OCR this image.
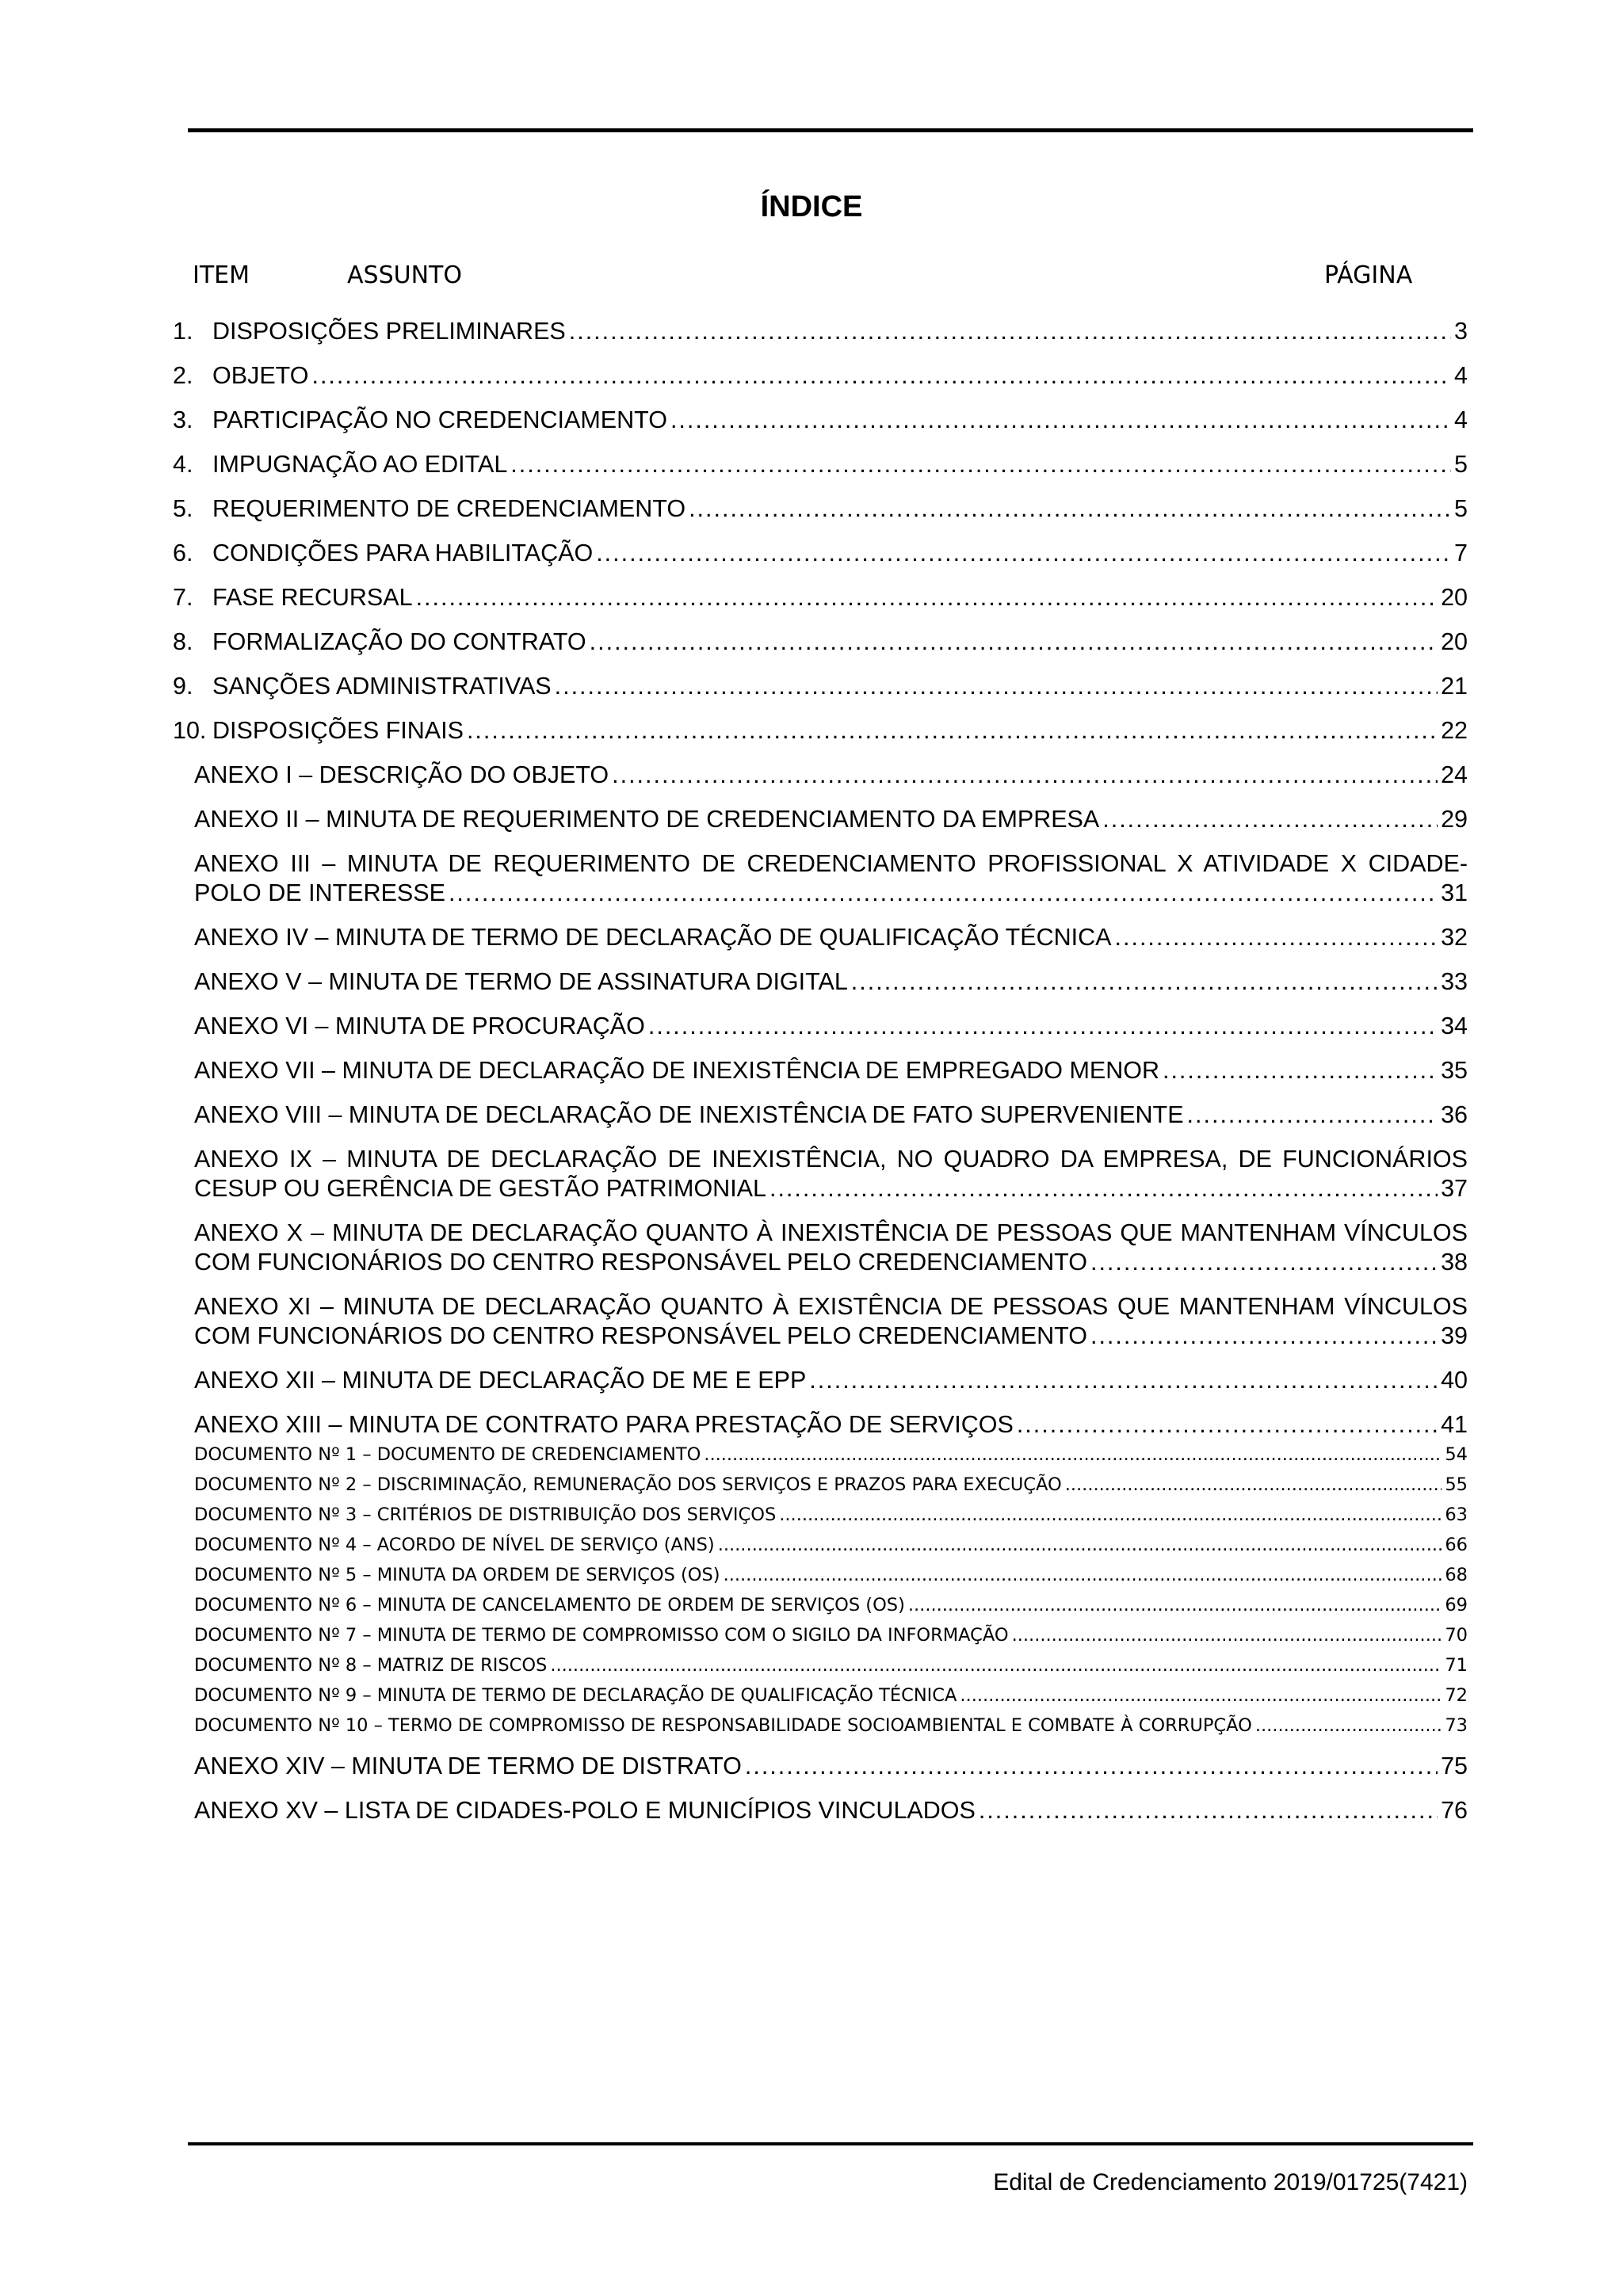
ÍNDICE
ITEM	ASSUNTO	PÁGINA
1. DISPOSIÇÕES PRELIMINARES .....	3
2. OBJETO .....	4
3. PARTICIPAÇÃO NO CREDENCIAMENTO .....	4
4. IMPUGNAÇÃO AO EDITAL .....	5
5. REQUERIMENTO DE CREDENCIAMENTO .....	5
6. CONDIÇÕES PARA HABILITAÇÃO .....	7
7. FASE RECURSAL .....	20
8. FORMALIZAÇÃO DO CONTRATO .....	20
9. SANÇÕES ADMINISTRATIVAS .....	21
10. DISPOSIÇÕES FINAIS .....	22
ANEXO I – DESCRIÇÃO DO OBJETO .....	24
ANEXO II – MINUTA DE REQUERIMENTO DE CREDENCIAMENTO DA EMPRESA .....	29
ANEXO III – MINUTA DE REQUERIMENTO DE CREDENCIAMENTO PROFISSIONAL X ATIVIDADE X CIDADE-
POLO DE INTERESSE .....	31
ANEXO IV – MINUTA DE TERMO DE DECLARAÇÃO DE QUALIFICAÇÃO TÉCNICA .....	32
ANEXO V – MINUTA DE TERMO DE ASSINATURA DIGITAL .....	33
ANEXO VI – MINUTA DE PROCURAÇÃO .....	34
ANEXO VII – MINUTA DE DECLARAÇÃO DE INEXISTÊNCIA DE EMPREGADO MENOR .....	35
ANEXO VIII – MINUTA DE DECLARAÇÃO DE INEXISTÊNCIA DE FATO SUPERVENIENTE .....	36
ANEXO IX – MINUTA DE DECLARAÇÃO DE INEXISTÊNCIA, NO QUADRO DA EMPRESA, DE FUNCIONÁRIOS
CESUP OU GERÊNCIA DE GESTÃO PATRIMONIAL .....	37
ANEXO X – MINUTA DE DECLARAÇÃO QUANTO À INEXISTÊNCIA DE PESSOAS QUE MANTENHAM VÍNCULOS
COM FUNCIONÁRIOS DO CENTRO RESPONSÁVEL PELO CREDENCIAMENTO .....	38
ANEXO XI – MINUTA DE DECLARAÇÃO QUANTO À EXISTÊNCIA DE PESSOAS QUE MANTENHAM VÍNCULOS
COM FUNCIONÁRIOS DO CENTRO RESPONSÁVEL PELO CREDENCIAMENTO .....	39
ANEXO XII – MINUTA DE DECLARAÇÃO DE ME E EPP .....	40
ANEXO XIII – MINUTA DE CONTRATO PARA PRESTAÇÃO DE SERVIÇOS .....	41
DOCUMENTO Nº 1 – DOCUMENTO DE CREDENCIAMENTO .....	54
DOCUMENTO Nº 2 – DISCRIMINAÇÃO, REMUNERAÇÃO DOS SERVIÇOS E PRAZOS PARA EXECUÇÃO .....	55
DOCUMENTO Nº 3 – CRITÉRIOS DE DISTRIBUIÇÃO DOS SERVIÇOS .....	63
DOCUMENTO Nº 4 – ACORDO DE NÍVEL DE SERVIÇO (ANS) .....	66
DOCUMENTO Nº 5 – MINUTA DA ORDEM DE SERVIÇOS (OS) .....	68
DOCUMENTO Nº 6 – MINUTA DE CANCELAMENTO DE ORDEM DE SERVIÇOS (OS) .....	69
DOCUMENTO Nº 7 – MINUTA DE TERMO DE COMPROMISSO COM O SIGILO DA INFORMAÇÃO .....	70
DOCUMENTO Nº 8 – MATRIZ DE RISCOS .....	71
DOCUMENTO Nº 9 – MINUTA DE TERMO DE DECLARAÇÃO DE QUALIFICAÇÃO TÉCNICA .....	72
DOCUMENTO Nº 10 – TERMO DE COMPROMISSO DE RESPONSABILIDADE SOCIOAMBIENTAL E COMBATE À CORRUPÇÃO .....	73
ANEXO XIV – MINUTA DE TERMO DE DISTRATO .....	75
ANEXO XV – LISTA DE CIDADES-POLO E MUNICÍPIOS VINCULADOS .....	76
Edital de Credenciamento 2019/01725(7421)
